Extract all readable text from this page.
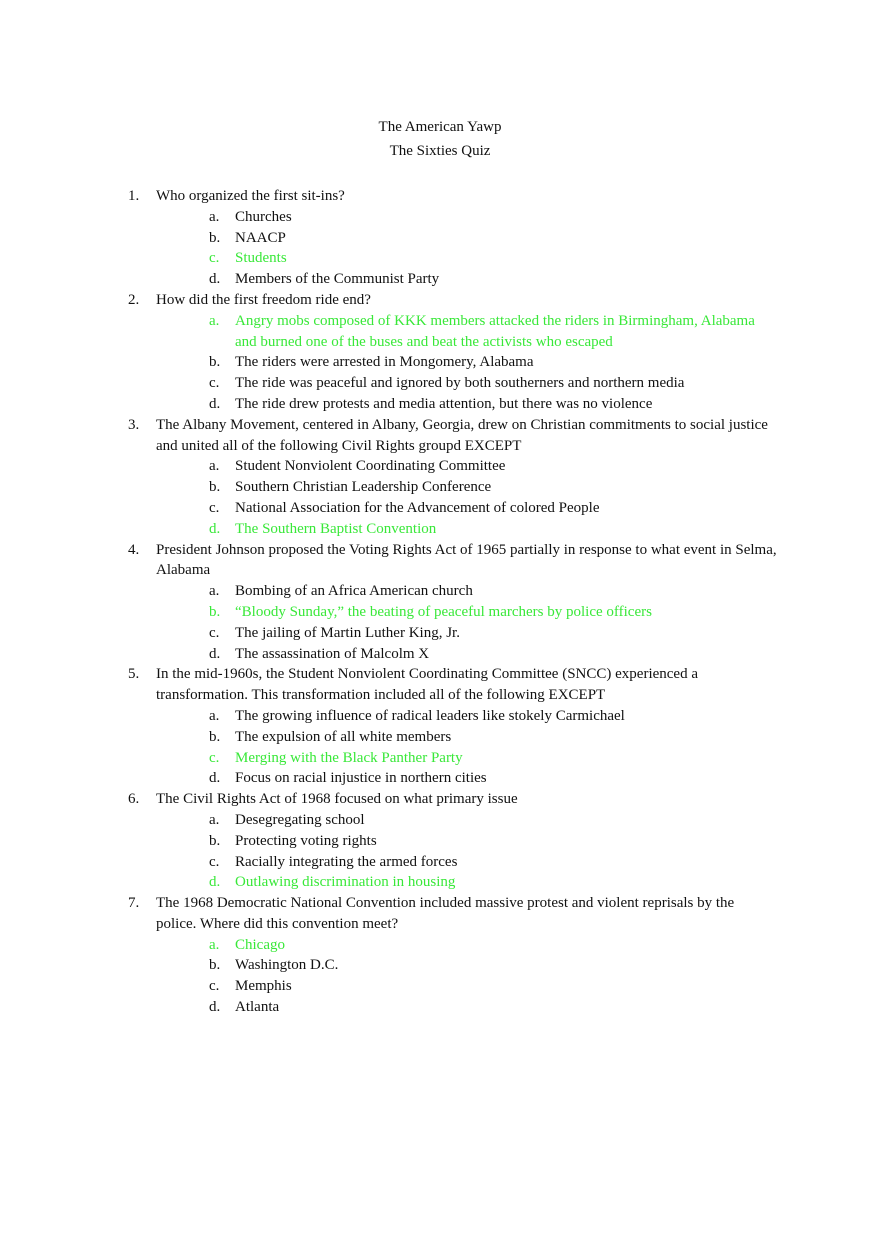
The American Yawp
The Sixties Quiz
1. Who organized the first sit-ins?
a. Churches
b. NAACP
c. Students
d. Members of the Communist Party
2. How did the first freedom ride end?
a. Angry mobs composed of KKK members attacked the riders in Birmingham, Alabama and burned one of the buses and beat the activists who escaped
b. The riders were arrested in Mongomery, Alabama
c. The ride was peaceful and ignored by both southerners and northern media
d. The ride drew protests and media attention, but there was no violence
3. The Albany Movement, centered in Albany, Georgia, drew on Christian commitments to social justice and united all of the following Civil Rights groupd EXCEPT
a. Student Nonviolent Coordinating Committee
b. Southern Christian Leadership Conference
c. National Association for the Advancement of colored People
d. The Southern Baptist Convention
4. President Johnson proposed the Voting Rights Act of 1965 partially in response to what event in Selma, Alabama
a. Bombing of an Africa American church
b. “Bloody Sunday,” the beating of peaceful marchers by police officers
c. The jailing of Martin Luther King, Jr.
d. The assassination of Malcolm X
5. In the mid-1960s, the Student Nonviolent Coordinating Committee (SNCC) experienced a transformation. This transformation included all of the following EXCEPT
a. The growing influence of radical leaders like stokely Carmichael
b. The expulsion of all white members
c. Merging with the Black Panther Party
d. Focus on racial injustice in northern cities
6. The Civil Rights Act of 1968 focused on what primary issue
a. Desegregating school
b. Protecting voting rights
c. Racially integrating the armed forces
d. Outlawing discrimination in housing
7. The 1968 Democratic National Convention included massive protest and violent reprisals by the police. Where did this convention meet?
a. Chicago
b. Washington D.C.
c. Memphis
d. Atlanta
